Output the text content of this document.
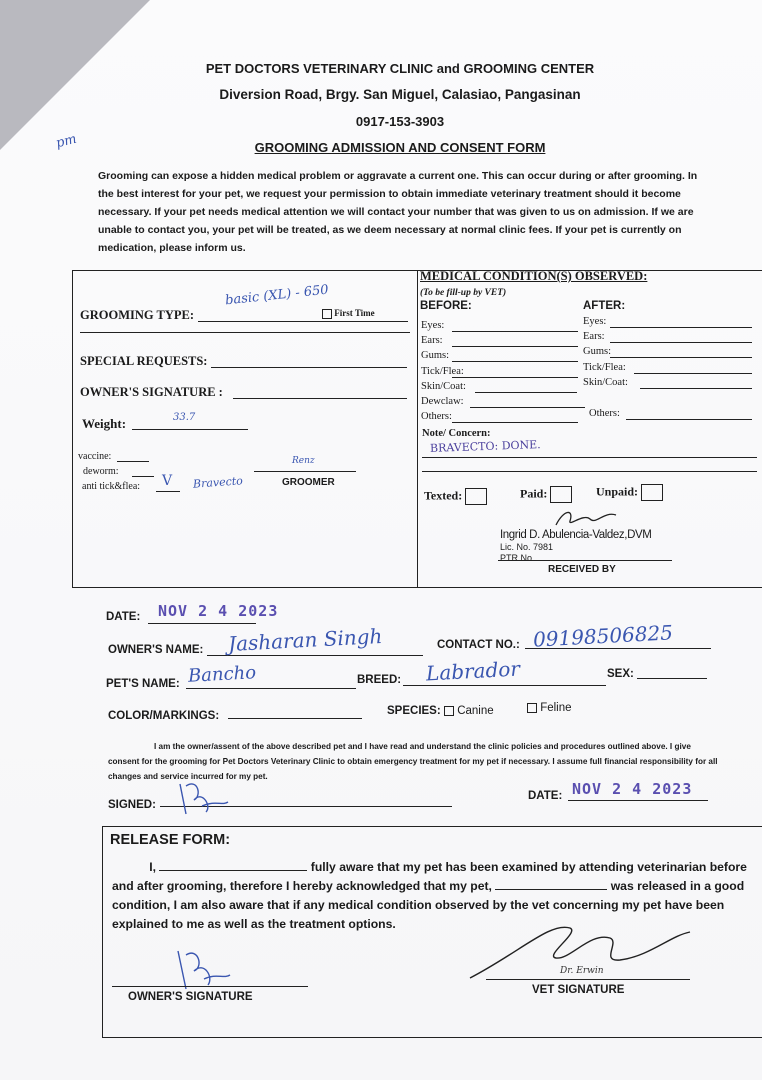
pm
PET DOCTORS VETERINARY CLINIC and GROOMING CENTER
Diversion Road, Brgy. San Miguel, Calasiao, Pangasinan
0917-153-3903
GROOMING ADMISSION AND CONSENT FORM
Grooming can expose a hidden medical problem or aggravate a current one. This can occur during or after grooming. In the best interest for your pet, we request your permission to obtain immediate veterinary treatment should it become necessary. If your pet needs medical attention we will contact your number that was given to us on admission. If we are unable to contact you, your pet will be treated, as we deem necessary at normal clinic fees. If your pet is currently on medication, please inform us.
GROOMING TYPE:
basic (XL) - 650
First Time
SPECIAL REQUESTS:
OWNER'S SIGNATURE :
Weight:	33.7
vaccine:
deworm:
anti tick&flea: V Bravecto
Renz
GROOMER
MEDICAL CONDITION(S) OBSERVED:
(To be fill-up by VET)
BEFORE:	AFTER:
Eyes:
Ears:
Gums:
Tick/Flea:
Skin/Coat:
Dewclaw:
Others:
Eyes:
Ears:
Gums:
Tick/Flea:
Skin/Coat:
Others:
Note/ Concern:
BRAVECTO: DONE.
Texted:	Paid:	Unpaid:
Ingrid D. Abulencia-Valdez,DVM
Lic. No. 7981
PTR No.
RECEIVED BY
DATE: NOV 2 4 2023
OWNER'S NAME: Jasharan Singh	CONTACT NO.: 09198506825
PET'S NAME: Bancho	BREED: Labrador	SEX:
COLOR/MARKINGS:	SPECIES:	Canine	Feline
I am the owner/assent of the above described pet and I have read and understand the clinic policies and procedures outlined above. I give consent for the grooming for Pet Doctors Veterinary Clinic to obtain emergency treatment for my pet if necessary. I assume full financial responsibility for all changes and service incurred for my pet.
SIGNED:
DATE: NOV 2 4 2023
RELEASE FORM:
I,	fully aware that my pet has been examined by attending veterinarian before and after grooming, therefore I hereby acknowledged that my pet,	was released in a good condition, I am also aware that if any medical condition observed by the vet concerning my pet have been explained to me as well as the treatment options.
OWNER'S SIGNATURE
Dr. Erwin
VET SIGNATURE
